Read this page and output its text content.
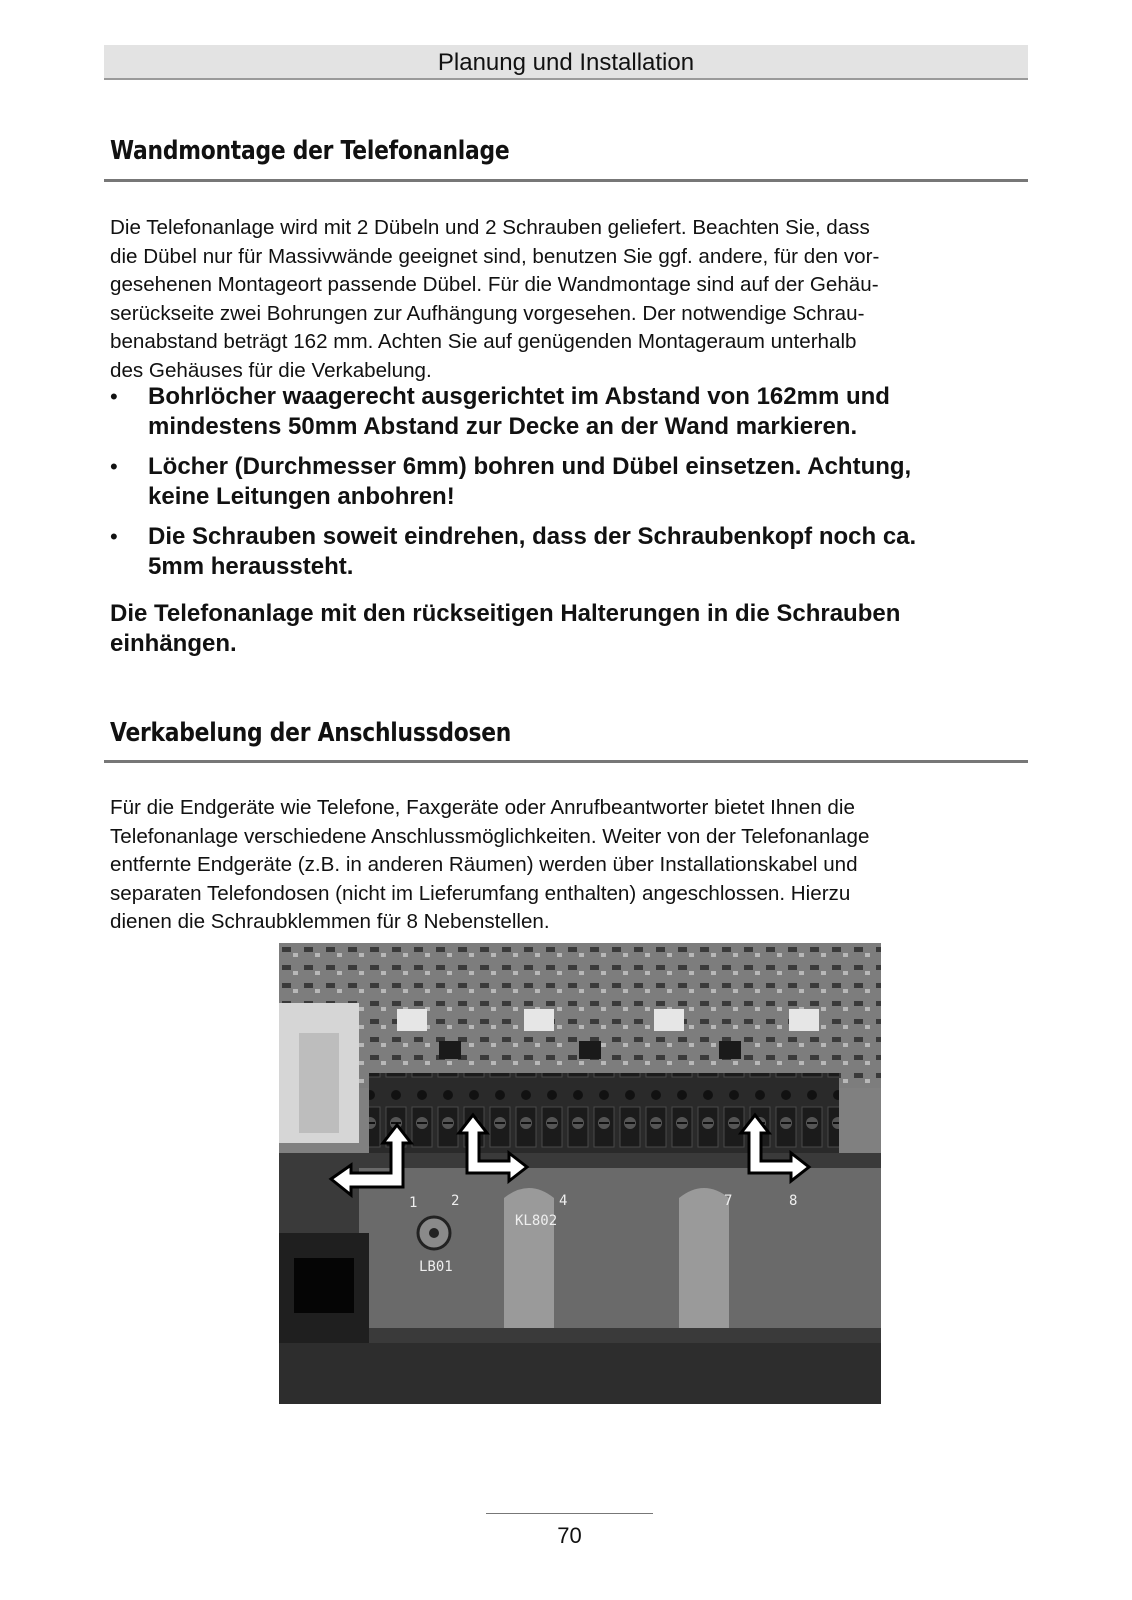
Planung und Installation
Wandmontage der Telefonanlage
Die Telefonanlage wird mit 2 Dübeln und 2 Schrauben geliefert. Beachten Sie, dass
die Dübel nur für Massivwände geeignet sind, benutzen Sie ggf. andere, für den vor-
gesehenen Montageort passende Dübel. Für die Wandmontage sind auf der Gehäu-
serückseite zwei Bohrungen zur Aufhängung vorgesehen. Der notwendige Schrau-
benabstand beträgt 162 mm. Achten Sie auf genügenden Montageraum unterhalb
des Gehäuses für die Verkabelung.
• Bohrlöcher waagerecht ausgerichtet im Abstand von 162mm und
mindestens 50mm Abstand zur Decke an der Wand markieren.
• Löcher (Durchmesser 6mm) bohren und Dübel einsetzen. Achtung,
keine Leitungen anbohren!
• Die Schrauben soweit eindrehen, dass der Schraubenkopf noch ca.
5mm heraussteht.
Die Telefonanlage mit den rückseitigen Halterungen in die Schrauben
einhängen.
Verkabelung der Anschlussdosen
Für die Endgeräte wie Telefone, Faxgeräte oder Anrufbeantworter bietet Ihnen die
Telefonanlage verschiedene Anschlussmöglichkeiten. Weiter von der Telefonanlage
entfernte Endgeräte (z.B. in anderen Räumen) werden über Installationskabel und
separaten Telefondosen (nicht im Lieferumfang enthalten) angeschlossen. Hierzu
dienen die Schraubklemmen für 8 Nebenstellen.
1 2	4	7	8
KL802
LB01
70
